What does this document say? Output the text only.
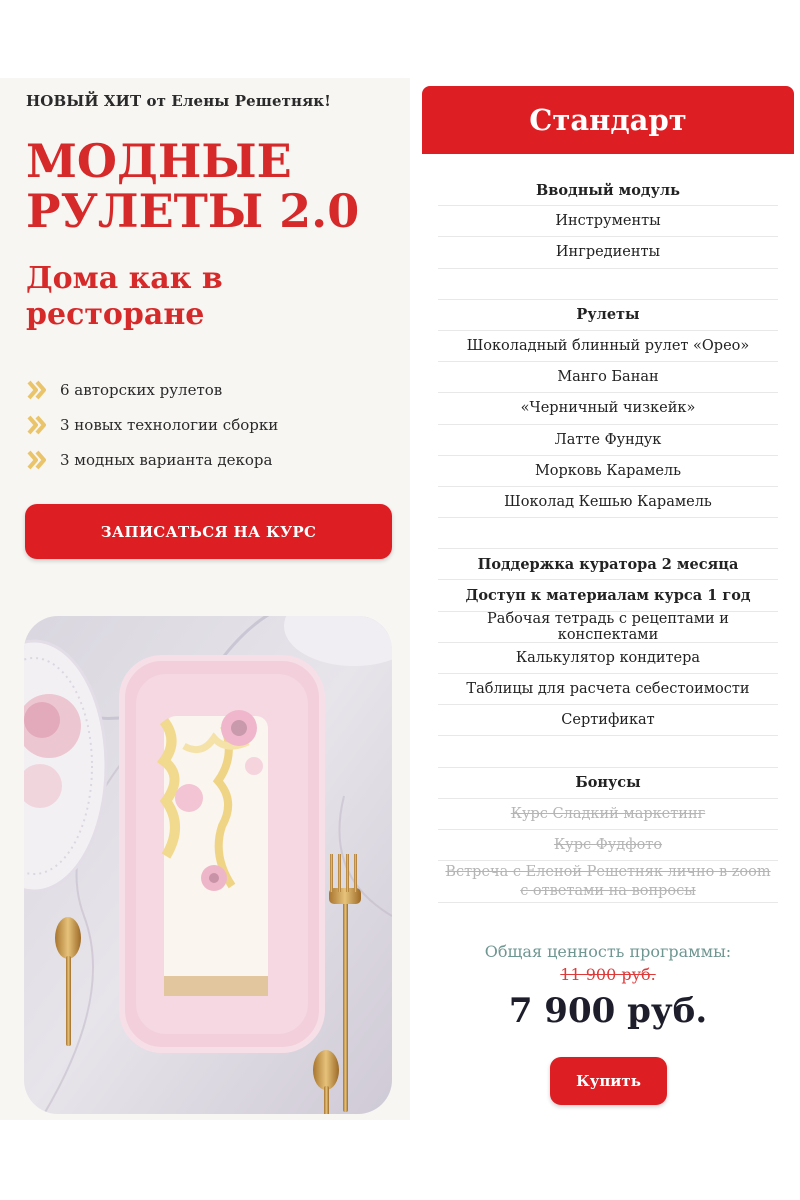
НОВЫЙ ХИТ от Елены Решетняк!
МОДНЫЕ РУЛЕТЫ 2.0
Дома как в ресторане
6 авторских рулетов
3 новых технологии сборки
3 модных варианта декора
ЗАПИСАТЬСЯ НА КУРС
Стандарт
Вводный модуль
Инструменты
Ингредиенты
Рулеты
Шоколадный блинный рулет «Орео»
Манго Банан
«Черничный чизкейк»
Латте Фундук
Морковь Карамель
Шоколад Кешью Карамель
Поддержка куратора 2 месяца
Доступ к материалам курса 1 год
Рабочая тетрадь с рецептами и конспектами
Калькулятор кондитера
Таблицы для расчета себестоимости
Сертификат
Бонусы
Курс Сладкий маркетинг
Курс Фудфото
Встреча с Еленой Решетняк лично в zoom с ответами на вопросы
Общая ценность программы:
11 900 руб.
7 900 руб.
Купить
